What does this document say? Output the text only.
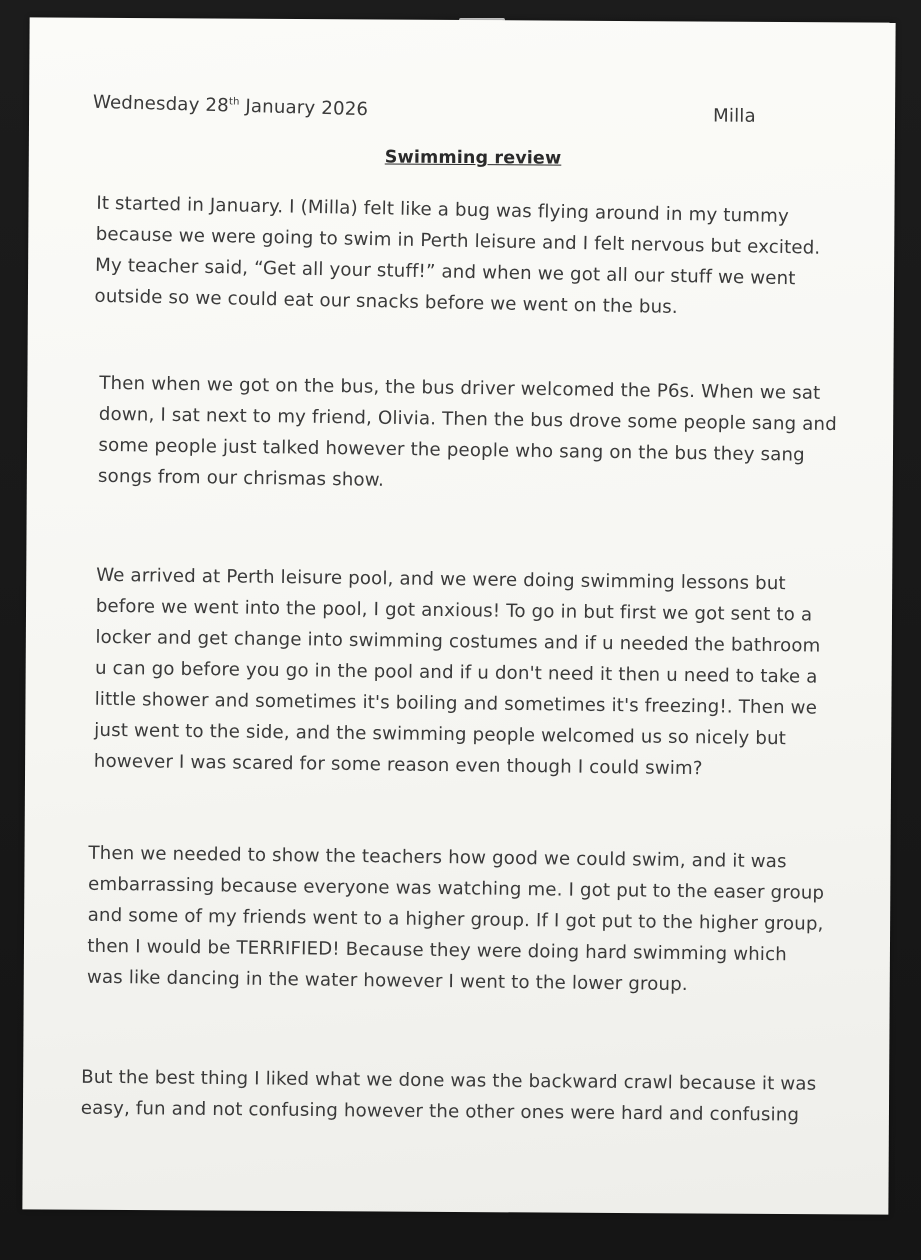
Wednesday 28th January 2026	Milla
Swimming review
It started in January. I (Milla) felt like a bug was flying around in my tummy
because we were going to swim in Perth leisure and I felt nervous but excited.
My teacher said, “Get all your stuff!” and when we got all our stuff we went
outside so we could eat our snacks before we went on the bus.
Then when we got on the bus, the bus driver welcomed the P6s. When we sat
down, I sat next to my friend, Olivia. Then the bus drove some people sang and
some people just talked however the people who sang on the bus they sang
songs from our chrismas show.
We arrived at Perth leisure pool, and we were doing swimming lessons but
before we went into the pool, I got anxious! To go in but first we got sent to a
locker and get change into swimming costumes and if u needed the bathroom
u can go before you go in the pool and if u don't need it then u need to take a
little shower and sometimes it's boiling and sometimes it's freezing!. Then we
just went to the side, and the swimming people welcomed us so nicely but
however I was scared for some reason even though I could swim?
Then we needed to show the teachers how good we could swim, and it was
embarrassing because everyone was watching me. I got put to the easer group
and some of my friends went to a higher group. If I got put to the higher group,
then I would be TERRIFIED! Because they were doing hard swimming which
was like dancing in the water however I went to the lower group.
But the best thing I liked what we done was the backward crawl because it was
easy, fun and not confusing however the other ones were hard and confusing
